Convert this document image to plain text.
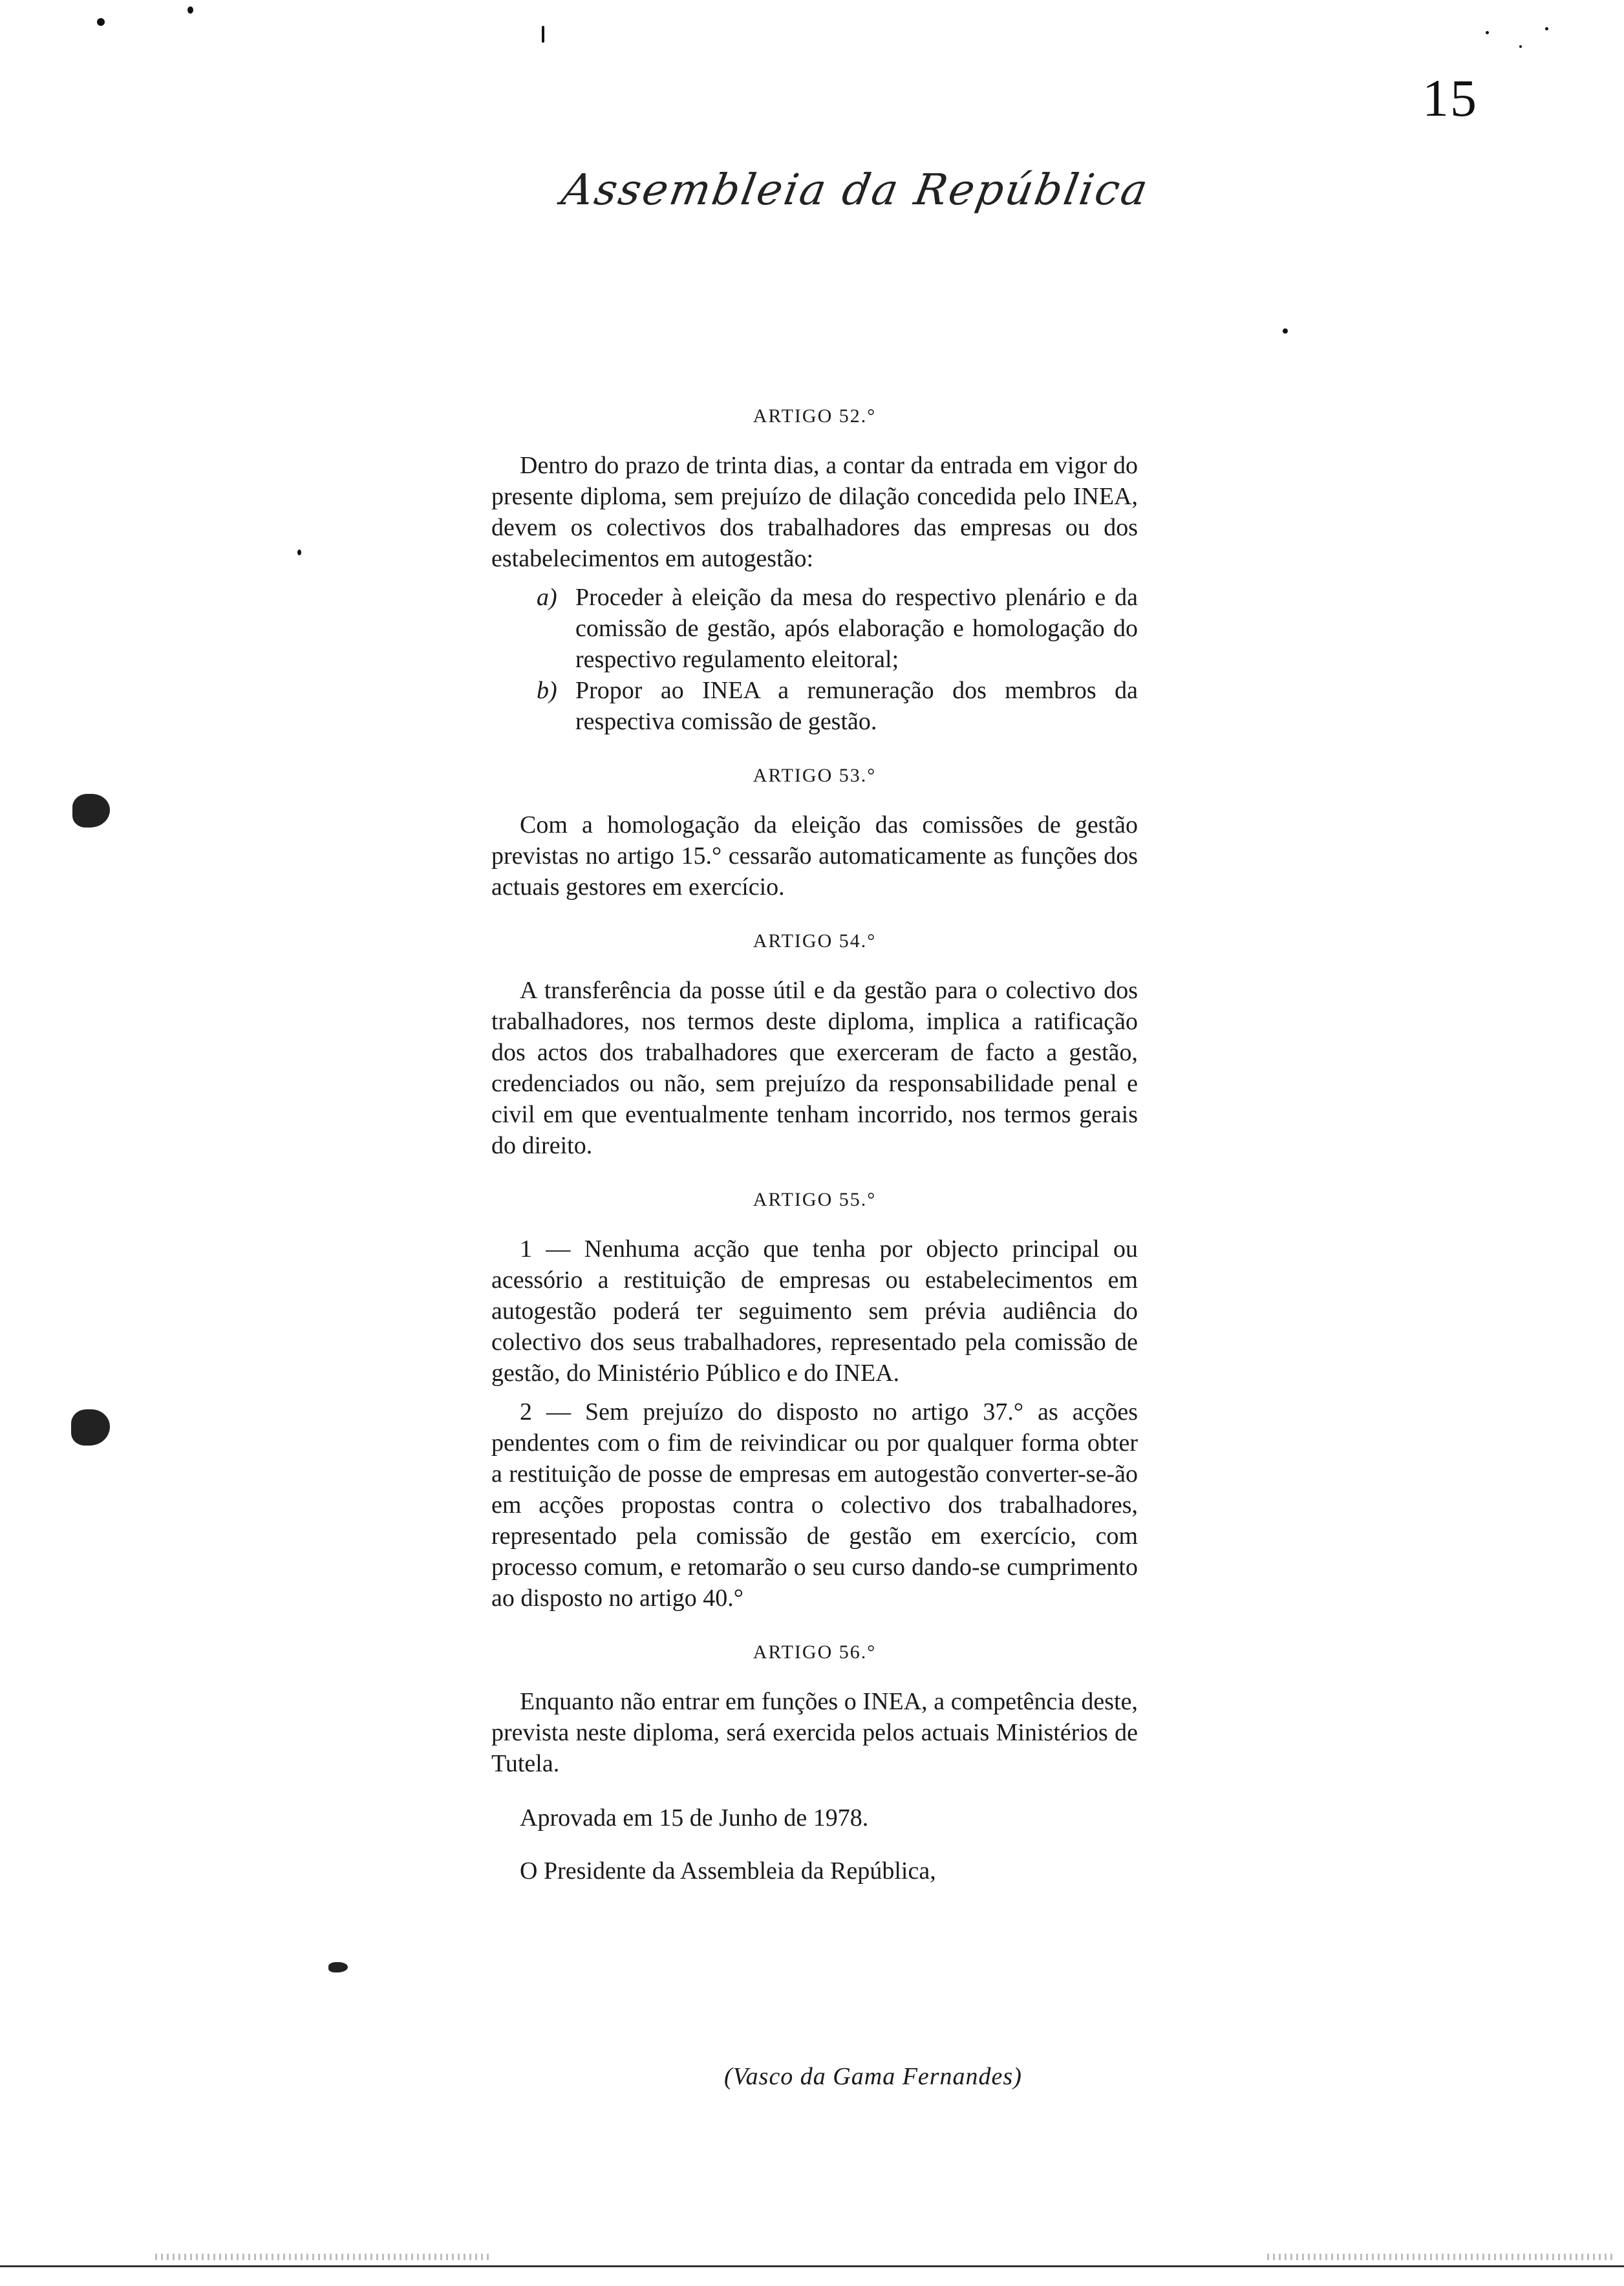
15
Assembleia da República
ARTIGO 52.°

Dentro do prazo de trinta dias, a contar da entrada em vigor do presente diploma, sem prejuízo de dilação concedida pelo INEA, devem os colectivos dos trabalhadores das empresas ou dos estabelecimentos em autogestão:

a) Proceder à eleição da mesa do respectivo plenário e da comissão de gestão, após elaboração e homologação do respectivo regulamento eleitoral;
b) Propor ao INEA a remuneração dos membros da respectiva comissão de gestão.
ARTIGO 53.°

Com a homologação da eleição das comissões de gestão previstas no artigo 15.° cessarão automaticamente as funções dos actuais gestores em exercício.

ARTIGO 54.°

A transferência da posse útil e da gestão para o colectivo dos trabalhadores, nos termos deste diploma, implica a ratificação dos actos dos trabalhadores que exerceram de facto a gestão, credenciados ou não, sem prejuízo da responsabilidade penal e civil em que eventualmente tenham incorrido, nos termos gerais do direito.

ARTIGO 55.°

1 — Nenhuma acção que tenha por objecto principal ou acessório a restituição de empresas ou estabelecimentos em autogestão poderá ter seguimento sem prévia audiência do colectivo dos seus trabalhadores, representado pela comissão de gestão, do Ministério Público e do INEA.

2 — Sem prejuízo do disposto no artigo 37.° as acções pendentes com o fim de reivindicar ou por qualquer forma obter a restituição de posse de empresas em autogestão converter-se-ão em acções propostas contra o colectivo dos trabalhadores, representado pela comissão de gestão em exercício, com processo comum, e retomarão o seu curso dando-se cumprimento ao disposto no artigo 40.°

ARTIGO 56.°

Enquanto não entrar em funções o INEA, a competência deste, prevista neste diploma, será exercida pelos actuais Ministérios de Tutela.

Aprovada em 15 de Junho de 1978.

O Presidente da Assembleia da República,

(Vasco da Gama Fernandes)
